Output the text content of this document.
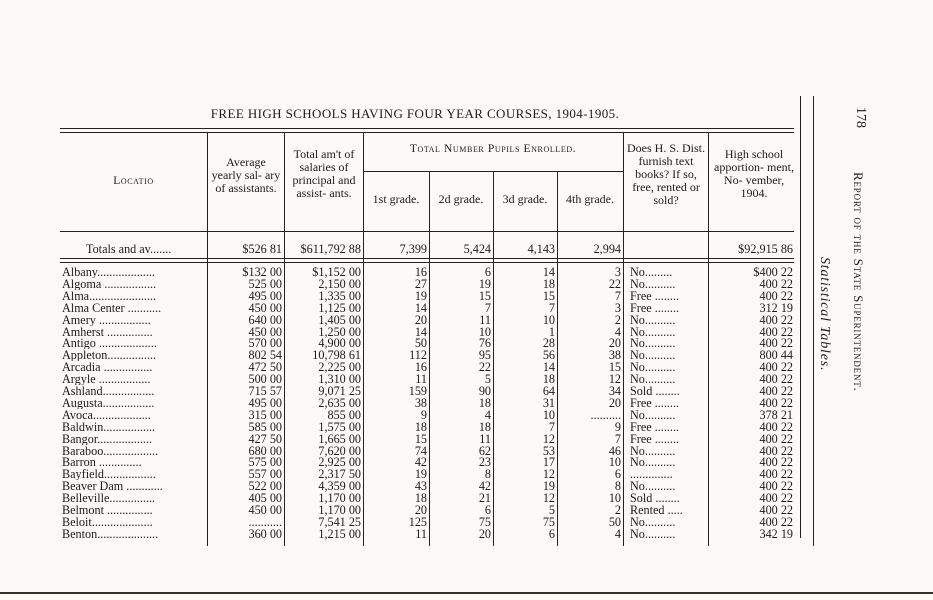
FREE HIGH SCHOOLS HAVING FOUR YEAR COURSES, 1904-1905.	178
Report of the State Superintendent.
Statistical Tables.
Locatio
Average yearly sal- ary of assistants.
Total am't of salaries of principal and assist- ants.
Total Number Pupils Enrolled.
1st grade.	2d grade.	3d grade.	4th grade.
Does H. S. Dist. furnish text books? If so, free, rented or sold?
High school apportion- ment, No- vember, 1904.
Totals and av.......	$526 81	$611,792 88	7,399	5,424	4,143	2,994	$92,915 86
Albany...................	$132 00	$1,152 00	16	6	14	3 No.........	$400 22
Algoma .................	525 00	2,150 00	27	19	18	22 No..........	400 22
Alma......................	495 00	1,335 00	19	15	15	7 Free ........	400 22
Alma Center ...........	450 00	1,125 00	14	7	7	3 Free ........	312 19
Amery .................	640 00	1,405 00	20	11	10	2 No..........	400 22
Amherst ...............	450 00	1,250 00	14	10	1	4 No..........	400 22
Antigo ...................	570 00	4,900 00	50	76	28	20 No..........	400 22
Appleton................	802 54	10,798 61	112	95	56	38 No..........	800 44
Arcadia ................	472 50	2,225 00	16	22	14	15 No..........	400 22
Argyle .................	500 00	1,310 00	11	5	18	12 No..........	400 22
Ashland.................	715 57	9,071 25	159	90	64	34 Sold ........	400 22
Augusta.................	495 00	2,635 00	38	18	31	20 Free ........	400 22
Avoca...................	315 00	855 00	9	4	10	.......... No..........	378 21
Baldwin.................	585 00	1,575 00	18	18	7	9 Free ........	400 22
Bangor..................	427 50	1,665 00	15	11	12	7 Free ........	400 22
Baraboo..................	680 00	7,620 00	74	62	53	46 No..........	400 22
Barron ..............	575 00	2,925 00	42	23	17	10 No..........	400 22
Bayfield.................	557 00	2,317 50	19	8	12	6 ..............	400 22
Beaver Dam ............	522 00	4,359 00	43	42	19	8 No..........	400 22
Belleville...............	405 00	1,170 00	18	21	12	10 Sold ........	400 22
Belmont ...............	450 00	1,170 00	20	6	5	2 Rented .....	400 22
Beloit....................	...........	7,541 25	125	75	75	50 No..........	400 22
Benton....................	360 00	1,215 00	11	20	6	4 No..........	342 19
